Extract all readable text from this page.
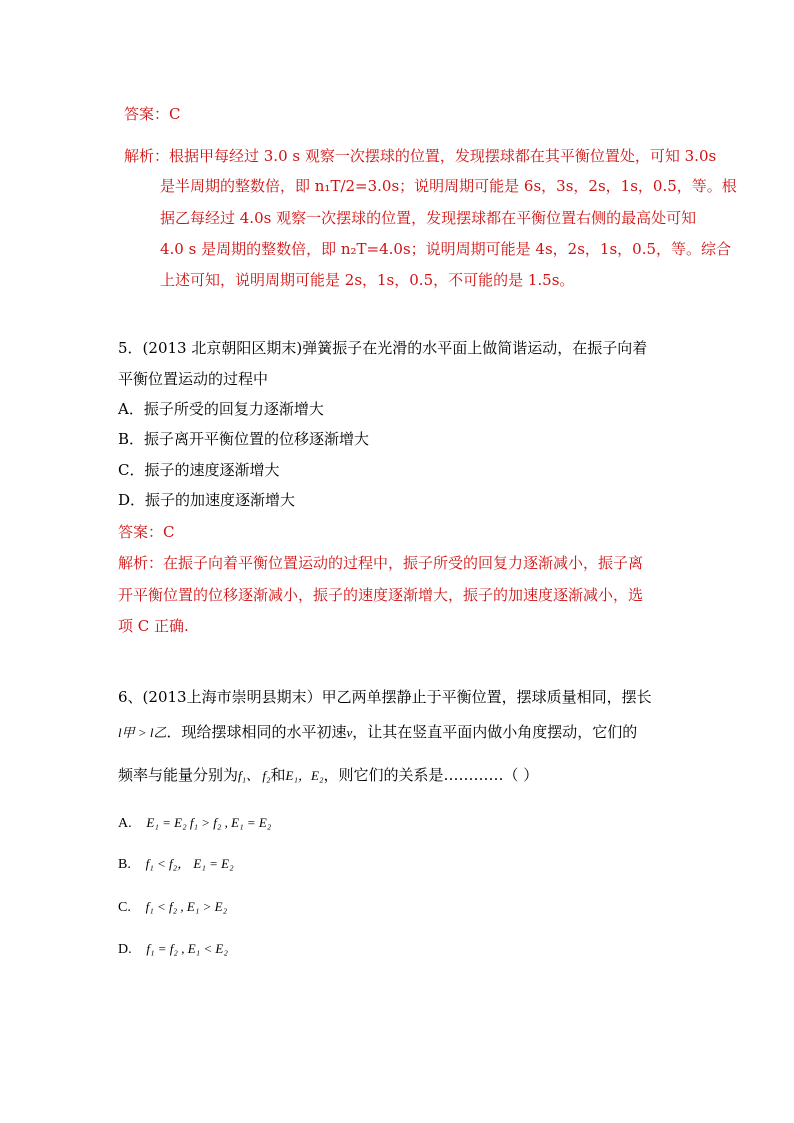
答案：C
解析：根据甲每经过 3.0 s 观察一次摆球的位置，发现摆球都在其平衡位置处，可知 3.0s
是半周期的整数倍，即 n₁T/2=3.0s；说明周期可能是 6s，3s，2s，1s，0.5，等。根
据乙每经过 4.0s 观察一次摆球的位置，发现摆球都在平衡位置右侧的最高处可知
4.0 s 是周期的整数倍，即 n₂T=4.0s；说明周期可能是 4s，2s，1s，0.5，等。综合
上述可知，说明周期可能是 2s，1s，0.5，不可能的是 1.5s。
5．(2013 北京朝阳区期末)弹簧振子在光滑的水平面上做简谐运动，在振子向着
平衡位置运动的过程中
A．振子所受的回复力逐渐增大
B．振子离开平衡位置的位移逐渐增大
C．振子的速度逐渐增大
D．振子的加速度逐渐增大
答案：C
解析：在振子向着平衡位置运动的过程中，振子所受的回复力逐渐减小，振子离
开平衡位置的位移逐渐减小，振子的速度逐渐增大，振子的加速度逐渐减小，选
项 C 正确.
6、(2013上海市崇明县期末）甲乙两单摆静止于平衡位置，摆球质量相同，摆长
l甲 > l乙．现给摆球相同的水平初速v，让其在竖直平面内做小角度摆动，它们的
频率与能量分别为f₁、 f₂和E₁，E₂，则它们的关系是…………（ ）
A. E₁ = E₂ f₁ > f₂ , E₁ = E₂
B. f₁ < f₂， E₁ = E₂
C. f₁ < f₂ , E₁ > E₂
D. f₁ = f₂ , E₁ < E₂
